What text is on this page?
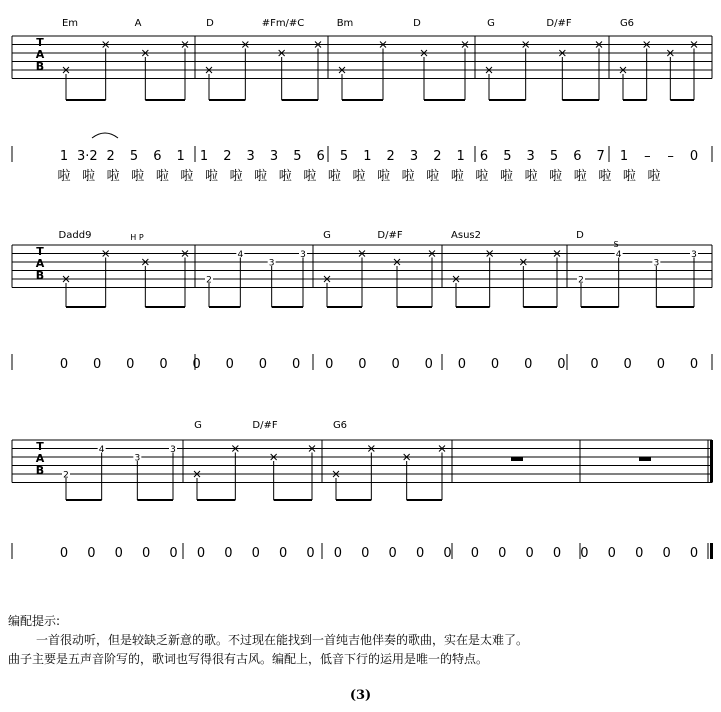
T
A
B
Em	A	D	#Fm/#C	Bm	D	G	D/#F	G6
1 3·2 2 5 6 1 1 2 3 3 5 6 5 1 2 3 2 1 6 5 3 5 6 7 1 – – 0
啦 啦 啦 啦 啦 啦 啦 啦 啦 啦 啦 啦 啦 啦 啦 啦 啦 啦 啦 啦 啦 啦 啦 啦 啦
T
A
B
Dadd9	G	D/#F	Asus2	D
2
4
3
3
2
4
3
3
0 0 0 0 0 0 0 0 0 0 0 0 0 0 0 0 0 0 0 0
H P
S
T
A
B
G	D/#F	G6
2
4
3
3
0 0 0 0 0 0 0 0 0 0 0 0 0 0 0 0 0 0 0 0 0 0 0 0
编配提示:
一首很动听，但是较缺乏新意的歌。不过现在能找到一首纯吉他伴奏的歌曲，实在是太难了。
曲子主要是五声音阶写的，歌词也写得很有古风。编配上，低音下行的运用是唯一的特点。
(3)
